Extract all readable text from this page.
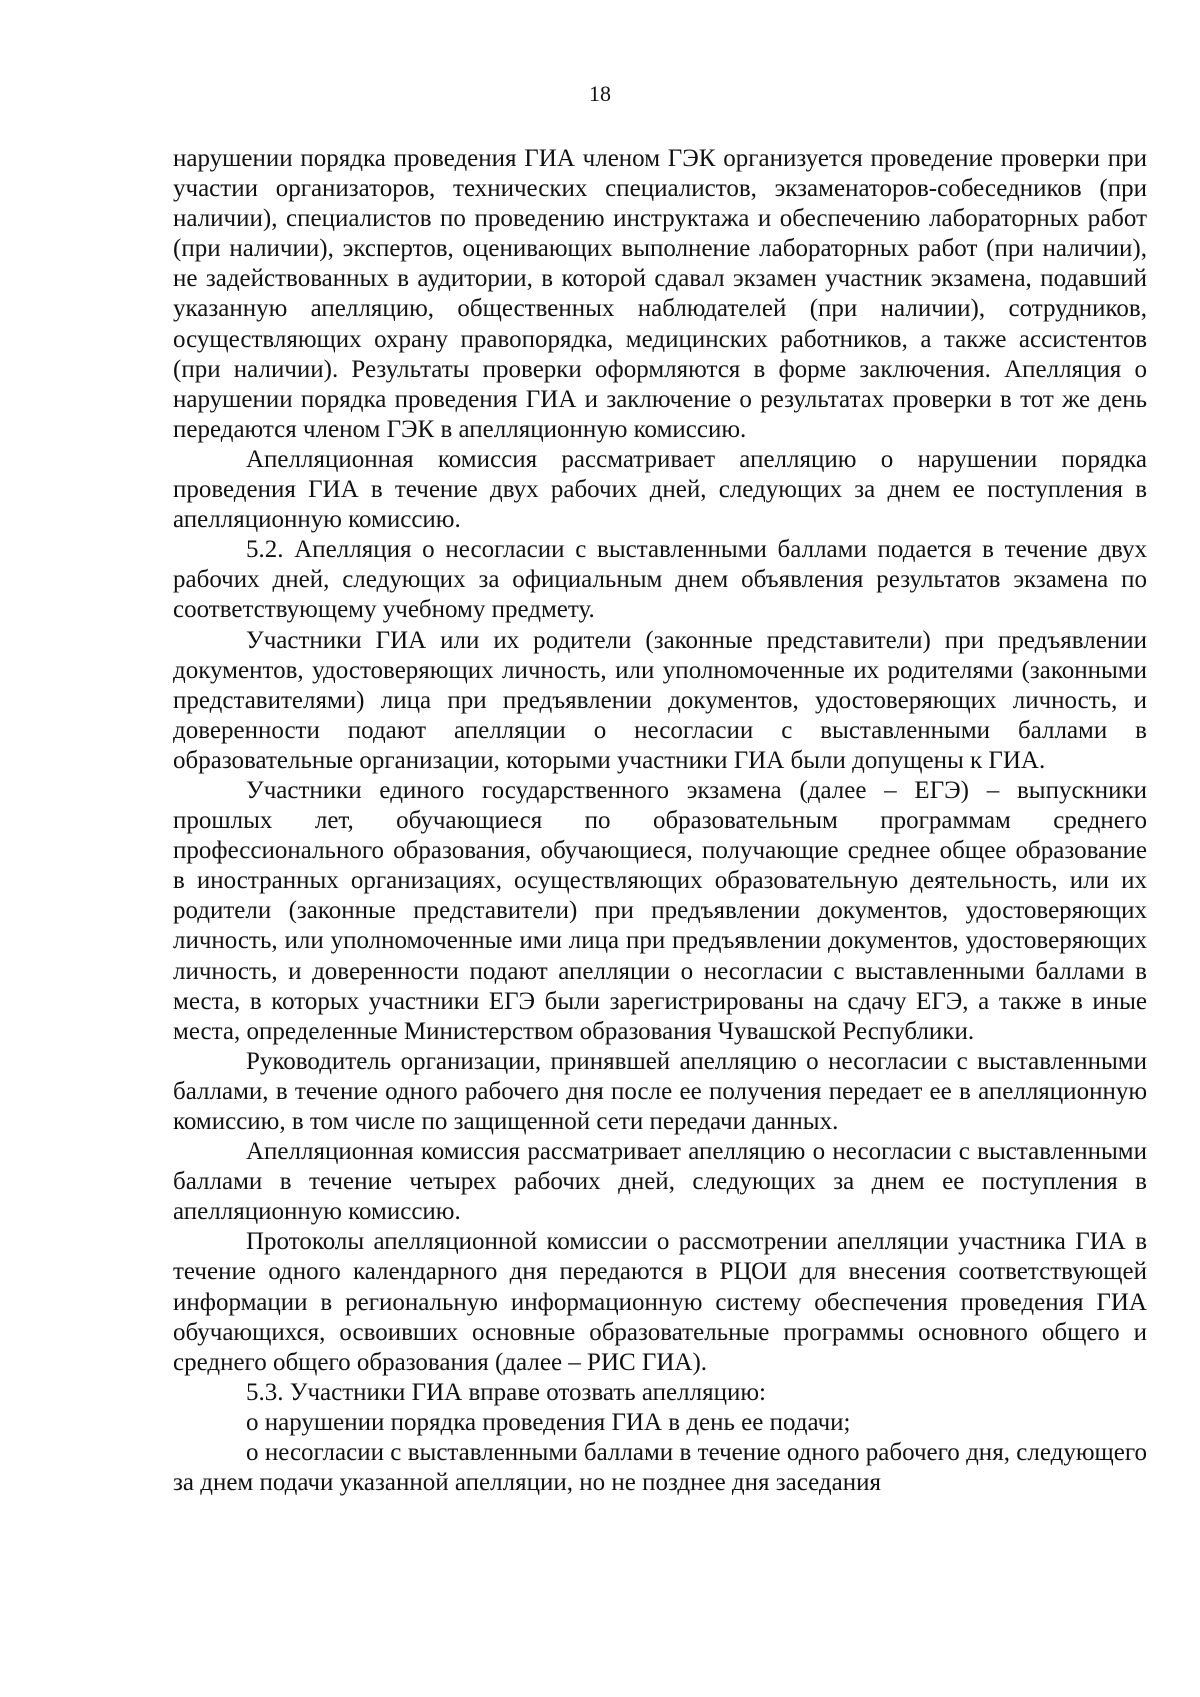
18

нарушении порядка проведения ГИА членом ГЭК организуется проведение проверки при участии организаторов, технических специалистов, экзаменаторов-собеседников (при наличии), специалистов по проведению инструктажа и обеспечению лабораторных работ (при наличии), экспертов, оценивающих выполнение лабораторных работ (при наличии), не задействованных в аудитории, в которой сдавал экзамен участник экзамена, подавший указанную апелляцию, общественных наблюдателей (при наличии), сотрудников, осуществляющих охрану правопорядка, медицинских работников, а также ассистентов (при наличии). Результаты проверки оформляются в форме заключения. Апелляция о нарушении порядка проведения ГИА и заключение о результатах проверки в тот же день передаются членом ГЭК в апелляционную комиссию.

Апелляционная комиссия рассматривает апелляцию о нарушении порядка проведения ГИА в течение двух рабочих дней, следующих за днем ее поступления в апелляционную комиссию.

5.2. Апелляция о несогласии с выставленными баллами подается в течение двух рабочих дней, следующих за официальным днем объявления результатов экзамена по соответствующему учебному предмету.

Участники ГИА или их родители (законные представители) при предъявлении документов, удостоверяющих личность, или уполномоченные их родителями (законными представителями) лица при предъявлении документов, удостоверяющих личность, и доверенности подают апелляции о несогласии с выставленными баллами в образовательные организации, которыми участники ГИА были допущены к ГИА.

Участники единого государственного экзамена (далее – ЕГЭ) – выпускники прошлых лет, обучающиеся по образовательным программам среднего профессионального образования, обучающиеся, получающие среднее общее образование в иностранных организациях, осуществляющих образовательную деятельность, или их родители (законные представители) при предъявлении документов, удостоверяющих личность, или уполномоченные ими лица при предъявлении документов, удостоверяющих личность, и доверенности подают апелляции о несогласии с выставленными баллами в места, в которых участники ЕГЭ были зарегистрированы на сдачу ЕГЭ, а также в иные места, определенные Министерством образования Чувашской Республики.

Руководитель организации, принявшей апелляцию о несогласии с выставленными баллами, в течение одного рабочего дня после ее получения передает ее в апелляционную комиссию, в том числе по защищенной сети передачи данных.

Апелляционная комиссия рассматривает апелляцию о несогласии с выставленными баллами в течение четырех рабочих дней, следующих за днем ее поступления в апелляционную комиссию.

Протоколы апелляционной комиссии о рассмотрении апелляции участника ГИА в течение одного календарного дня передаются в РЦОИ для внесения соответствующей информации в региональную информационную систему обеспечения проведения ГИА обучающихся, освоивших основные образовательные программы основного общего и среднего общего образования (далее – РИС ГИА).

5.3. Участники ГИА вправе отозвать апелляцию:

о нарушении порядка проведения ГИА в день ее подачи;

о несогласии с выставленными баллами в течение одного рабочего дня, следующего за днем подачи указанной апелляции, но не позднее дня заседания
